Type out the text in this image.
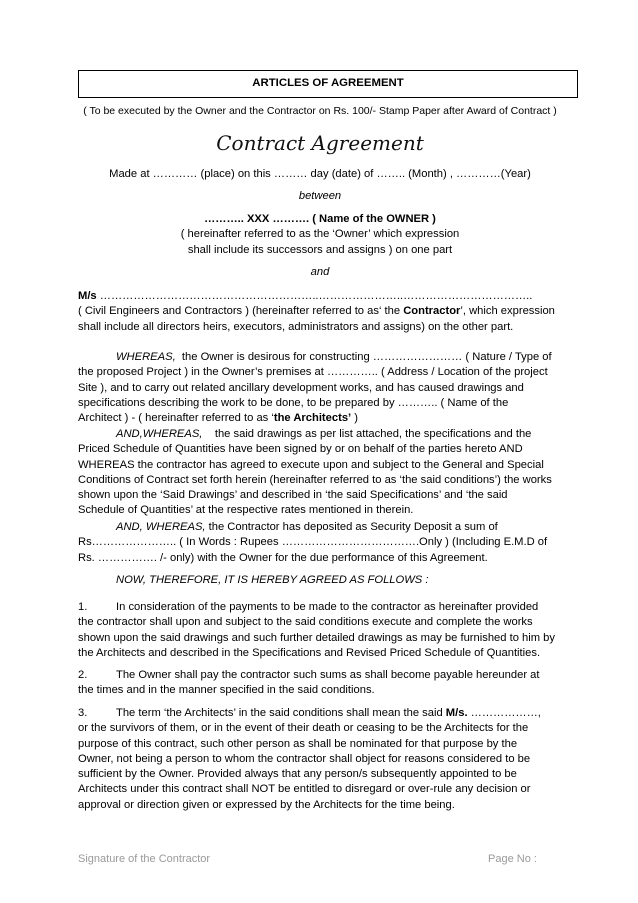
ARTICLES OF AGREEMENT
( To be executed by the Owner and the Contractor on Rs. 100/- Stamp Paper after Award of Contract )
Contract Agreement
Made at ………… (place) on this ……… day (date) of …….. (Month) , …………(Year)
between
……….. XXX ………. ( Name of the OWNER )
( hereinafter referred to as the ‘Owner’ which expression
shall include its successors and assigns ) on one part
and
M/s …………………………………………………..…………………..……………………………..
( Civil Engineers and Contractors ) (hereinafter referred to as‘ the Contractor’, which expression
shall include all directors heirs, executors, administrators and assigns) on the other part.
WHEREAS, the Owner is desirous for constructing …………………… ( Nature / Type of
the proposed Project ) in the Owner’s premises at ………….. ( Address / Location of the project
Site ), and to carry out related ancillary development works, and has caused drawings and
specifications describing the work to be done, to be prepared by ……….. ( Name of the
Architect ) - ( hereinafter referred to as ‘the Architects’ )
AND,WHEREAS, the said drawings as per list attached, the specifications and the
Priced Schedule of Quantities have been signed by or on behalf of the parties hereto AND
WHEREAS the contractor has agreed to execute upon and subject to the General and Special
Conditions of Contract set forth herein (hereinafter referred to as ‘the said conditions’) the works
shown upon the ‘Said Drawings’ and described in ‘the said Specifications’ and ‘the said
Schedule of Quantities’ at the respective rates mentioned in therein.
AND, WHEREAS, the Contractor has deposited as Security Deposit a sum of
Rs………………….. ( In Words : Rupees ……………………………….Only ) (Including E.M.D of
Rs. ……………. /- only) with the Owner for the due performance of this Agreement.
NOW, THEREFORE, IT IS HEREBY AGREED AS FOLLOWS :
1.	In consideration of the payments to be made to the contractor as hereinafter provided
the contractor shall upon and subject to the said conditions execute and complete the works
shown upon the said drawings and such further detailed drawings as may be furnished to him by
the Architects and described in the Specifications and Revised Priced Schedule of Quantities.
2.	The Owner shall pay the contractor such sums as shall become payable hereunder at
the times and in the manner specified in the said conditions.
3.	The term ‘the Architects’ in the said conditions shall mean the said M/s. ………………,
or the survivors of them, or in the event of their death or ceasing to be the Architects for the
purpose of this contract, such other person as shall be nominated for that purpose by the
Owner, not being a person to whom the contractor shall object for reasons considered to be
sufficient by the Owner. Provided always that any person/s subsequently appointed to be
Architects under this contract shall NOT be entitled to disregard or over-rule any decision or
approval or direction given or expressed by the Architects for the time being.
Signature of the Contractor	Page No :
